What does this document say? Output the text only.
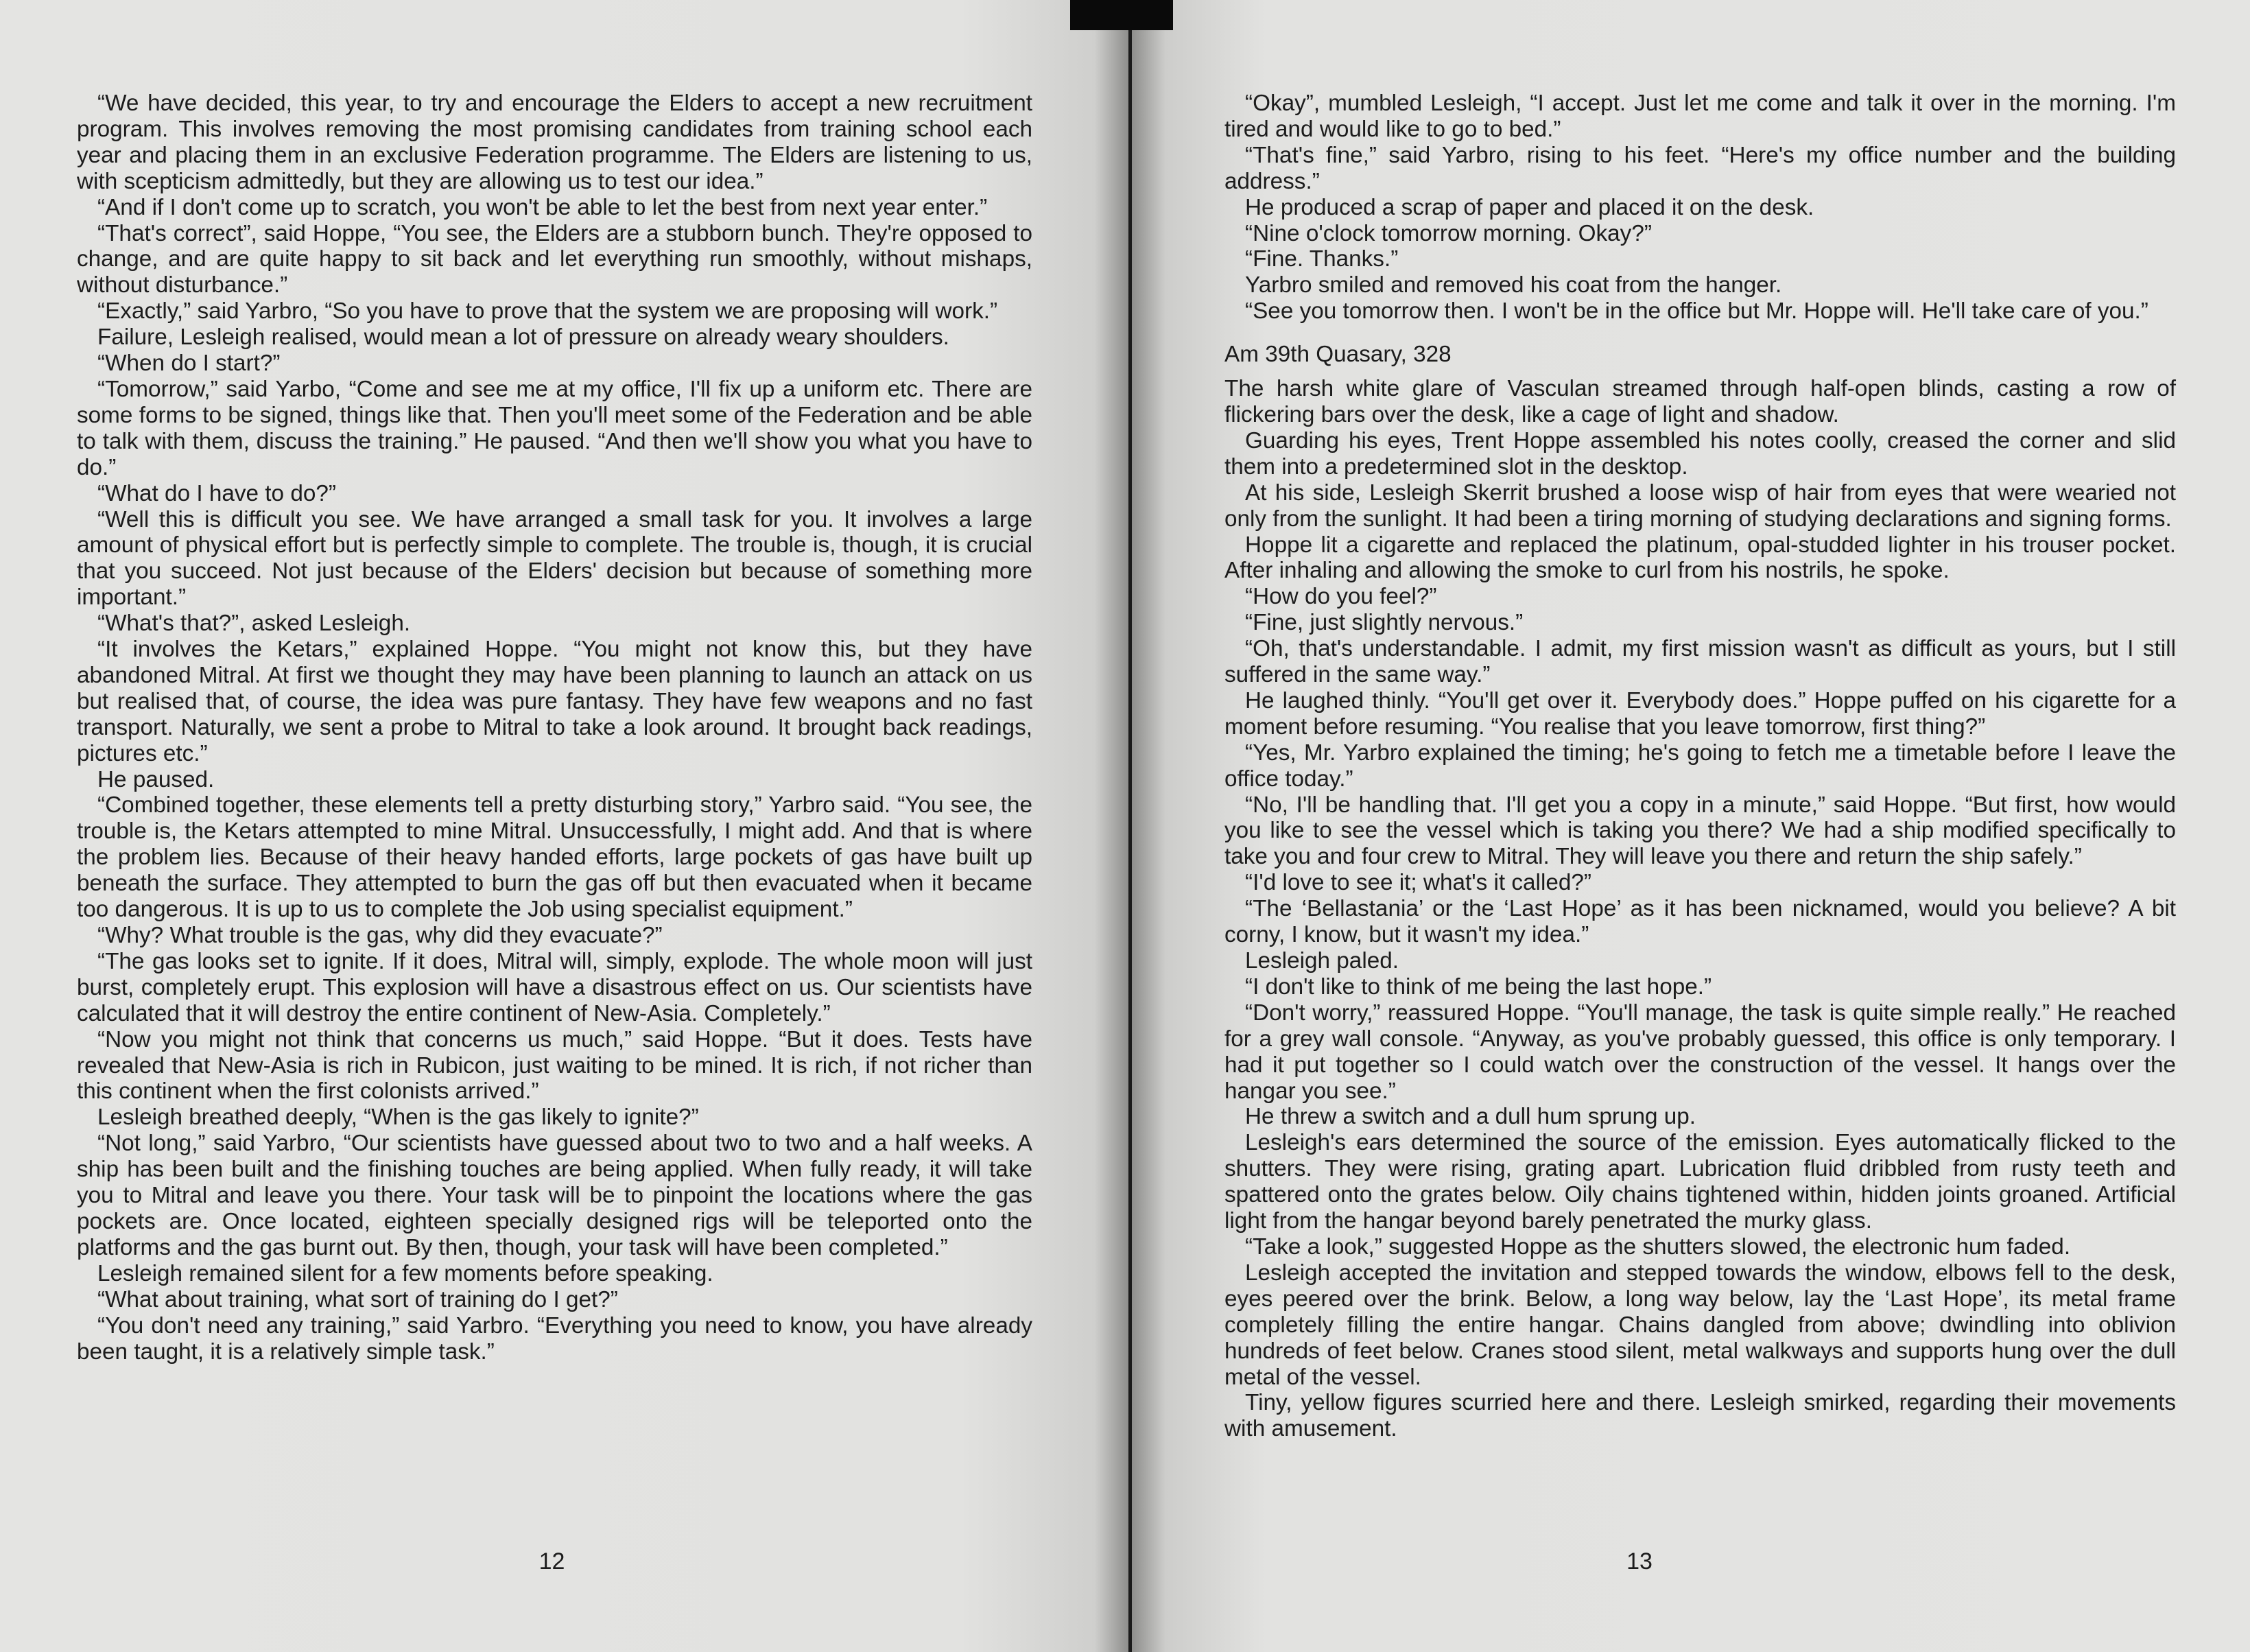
“We have decided, this year, to try and encourage the Elders to accept a new recruitment program. This involves removing the most promising candidates from training school each year and placing them in an exclusive Federation programme. The Elders are listening to us, with scepticism admittedly, but they are allowing us to test our idea.”

“And if I don't come up to scratch, you won't be able to let the best from next year enter.”

“That's correct”, said Hoppe, “You see, the Elders are a stubborn bunch. They're opposed to change, and are quite happy to sit back and let everything run smoothly, without mishaps, without disturbance.”

“Exactly,” said Yarbro, “So you have to prove that the system we are proposing will work.”

Failure, Lesleigh realised, would mean a lot of pressure on already weary shoulders.

“When do I start?”

“Tomorrow,” said Yarbo, “Come and see me at my office, I'll fix up a uniform etc. There are some forms to be signed, things like that. Then you'll meet some of the Federation and be able to talk with them, discuss the training.” He paused. “And then we'll show you what you have to do.”

“What do I have to do?”

“Well this is difficult you see. We have arranged a small task for you. It involves a large amount of physical effort but is perfectly simple to complete. The trouble is, though, it is crucial that you succeed. Not just because of the Elders' decision but because of something more important.”

“What's that?”, asked Lesleigh.

“It involves the Ketars,” explained Hoppe. “You might not know this, but they have abandoned Mitral. At first we thought they may have been planning to launch an attack on us but realised that, of course, the idea was pure fantasy. They have few weapons and no fast transport. Naturally, we sent a probe to Mitral to take a look around. It brought back readings, pictures etc.”

He paused.

“Combined together, these elements tell a pretty disturbing story,” Yarbro said. “You see, the trouble is, the Ketars attempted to mine Mitral. Unsuccessfully, I might add. And that is where the problem lies. Because of their heavy handed efforts, large pockets of gas have built up beneath the surface. They attempted to burn the gas off but then evacuated when it became too dangerous. It is up to us to complete the Job using specialist equipment.”

“Why? What trouble is the gas, why did they evacuate?”

“The gas looks set to ignite. If it does, Mitral will, simply, explode. The whole moon will just burst, completely erupt. This explosion will have a disastrous effect on us. Our scientists have calculated that it will destroy the entire continent of New-Asia. Completely.”

“Now you might not think that concerns us much,” said Hoppe. “But it does. Tests have revealed that New-Asia is rich in Rubicon, just waiting to be mined. It is rich, if not richer than this continent when the first colonists arrived.”

Lesleigh breathed deeply, “When is the gas likely to ignite?”

“Not long,” said Yarbro, “Our scientists have guessed about two to two and a half weeks. A ship has been built and the finishing touches are being applied. When fully ready, it will take you to Mitral and leave you there. Your task will be to pinpoint the locations where the gas pockets are. Once located, eighteen specially designed rigs will be teleported onto the platforms and the gas burnt out. By then, though, your task will have been completed.”

Lesleigh remained silent for a few moments before speaking.

“What about training, what sort of training do I get?”

“You don't need any training,” said Yarbro. “Everything you need to know, you have already been taught, it is a relatively simple task.”

12

“Okay”, mumbled Lesleigh, “I accept. Just let me come and talk it over in the morning. I'm tired and would like to go to bed.”

“That's fine,” said Yarbro, rising to his feet. “Here's my office number and the building address.”

He produced a scrap of paper and placed it on the desk.

“Nine o'clock tomorrow morning. Okay?”

“Fine. Thanks.”

Yarbro smiled and removed his coat from the hanger.

“See you tomorrow then. I won't be in the office but Mr. Hoppe will. He'll take care of you.”

Am 39th Quasary, 328

The harsh white glare of Vasculan streamed through half-open blinds, casting a row of flickering bars over the desk, like a cage of light and shadow.

Guarding his eyes, Trent Hoppe assembled his notes coolly, creased the corner and slid them into a predetermined slot in the desktop.

At his side, Lesleigh Skerrit brushed a loose wisp of hair from eyes that were wearied not only from the sunlight. It had been a tiring morning of studying declarations and signing forms.

Hoppe lit a cigarette and replaced the platinum, opal-studded lighter in his trouser pocket. After inhaling and allowing the smoke to curl from his nostrils, he spoke.

“How do you feel?”

“Fine, just slightly nervous.”

“Oh, that's understandable. I admit, my first mission wasn't as difficult as yours, but I still suffered in the same way.”

He laughed thinly. “You'll get over it. Everybody does.” Hoppe puffed on his cigarette for a moment before resuming. “You realise that you leave tomorrow, first thing?”

“Yes, Mr. Yarbro explained the timing; he's going to fetch me a timetable before I leave the office today.”

“No, I'll be handling that. I'll get you a copy in a minute,” said Hoppe. “But first, how would you like to see the vessel which is taking you there? We had a ship modified specifically to take you and four crew to Mitral. They will leave you there and return the ship safely.”

“I'd love to see it; what's it called?”

“The ‘Bellastania’ or the ‘Last Hope’ as it has been nicknamed, would you believe? A bit corny, I know, but it wasn't my idea.”

Lesleigh paled.

“I don't like to think of me being the last hope.”

“Don't worry,” reassured Hoppe. “You'll manage, the task is quite simple really.” He reached for a grey wall console. “Anyway, as you've probably guessed, this office is only temporary. I had it put together so I could watch over the construction of the vessel. It hangs over the hangar you see.”

He threw a switch and a dull hum sprung up.

Lesleigh's ears determined the source of the emission. Eyes automatically flicked to the shutters. They were rising, grating apart. Lubrication fluid dribbled from rusty teeth and spattered onto the grates below. Oily chains tightened within, hidden joints groaned. Artificial light from the hangar beyond barely penetrated the murky glass.

“Take a look,” suggested Hoppe as the shutters slowed, the electronic hum faded.

Lesleigh accepted the invitation and stepped towards the window, elbows fell to the desk, eyes peered over the brink. Below, a long way below, lay the ‘Last Hope’, its metal frame completely filling the entire hangar. Chains dangled from above; dwindling into oblivion hundreds of feet below. Cranes stood silent, metal walkways and supports hung over the dull metal of the vessel.

Tiny, yellow figures scurried here and there. Lesleigh smirked, regarding their movements with amusement.

13
